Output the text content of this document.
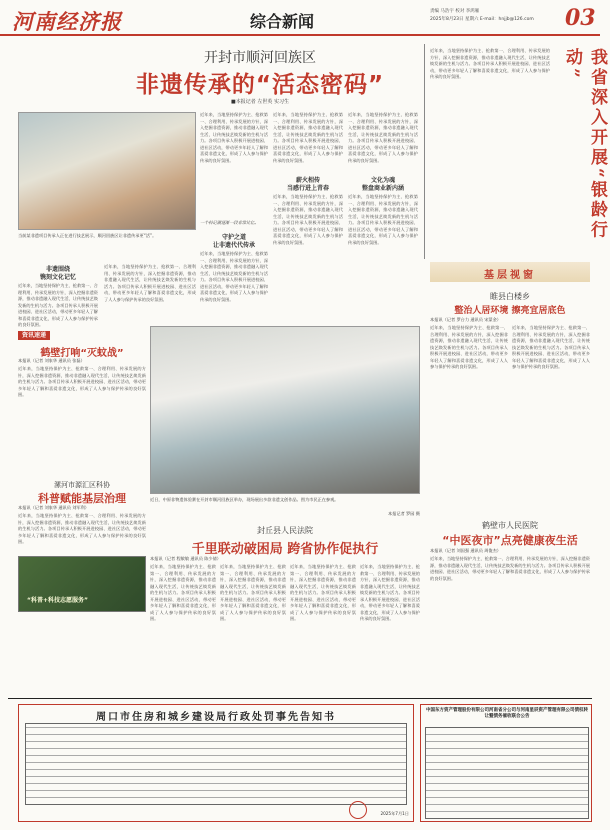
河南经济报	综合新闻
责编 马浩宇 校对 李鸿雁
2025年8月23日 星期六 E-mail：hnjjb@126.com	03
开封市顺河回族区
非遗传承的“活态密码”
■本报记者 左世英 实习生
当前某非遗项目传承人正在进行技艺展示，顺河回族区让非遗传承更“活”。
非遗围绕
镌刻文化记忆
近年来，当地坚持保护为主、抢救第一、合理利用、传承发展的方针，深入挖掘非遗资源，推动非遗融入现代生活，让传统技艺焕发新的生机与活力。各项目传承人积极开展进校园、进社区活动，带动更多年轻人了解和喜爱非遗文化，形成了人人参与保护传承的良好氛围。
近年来，当地坚持保护为主、抢救第一、合理利用、传承发展的方针，深入挖掘非遗资源，推动非遗融入现代生活，让传统技艺焕发新的生机与活力。各项目传承人积极开展进校园、进社区活动，带动更多年轻人了解和喜爱非遗文化，形成了人人参与保护传承的良好氛围。
近年来，当地坚持保护为主、抢救第一、合理利用、传承发展的方针，深入挖掘非遗资源，推动非遗融入现代生活，让传统技艺焕发新的生机与活力。各项目传承人积极开展进校园、进社区活动，带动更多年轻人了解和喜爱非遗文化，形成了人人参与保护传承的良好氛围。
一个料记潮逐渐一段非常比亿。
守护之道
让非遗代代传承
近年来，当地坚持保护为主、抢救第一、合理利用、传承发展的方针，深入挖掘非遗资源，推动非遗融入现代生活，让传统技艺焕发新的生机与活力。各项目传承人积极开展进校园、进社区活动，带动更多年轻人了解和喜爱非遗文化，形成了人人参与保护传承的良好氛围。
近年来，当地坚持保护为主、抢救第一、合理利用、传承发展的方针，深入挖掘非遗资源，推动非遗融入现代生活，让传统技艺焕发新的生机与活力。各项目传承人积极开展进校园、进社区活动，带动更多年轻人了解和喜爱非遗文化，形成了人人参与保护传承的良好氛围。
薪火相传
当感行进上青春
近年来，当地坚持保护为主、抢救第一、合理利用、传承发展的方针，深入挖掘非遗资源，推动非遗融入现代生活，让传统技艺焕发新的生机与活力。各项目传承人积极开展进校园、进社区活动，带动更多年轻人了解和喜爱非遗文化，形成了人人参与保护传承的良好氛围。
近年来，当地坚持保护为主、抢救第一、合理利用、传承发展的方针，深入挖掘非遗资源，推动非遗融入现代生活，让传统技艺焕发新的生机与活力。各项目传承人积极开展进校园、进社区活动，带动更多年轻人了解和喜爱非遗文化，形成了人人参与保护传承的良好氛围。
文化为魂
整盘商业新内涵
近年来，当地坚持保护为主、抢救第一、合理利用、传承发展的方针，深入挖掘非遗资源，推动非遗融入现代生活，让传统技艺焕发新的生机与活力。各项目传承人积极开展进校园、进社区活动，带动更多年轻人了解和喜爱非遗文化，形成了人人参与保护传承的良好氛围。
近日，中原非物遗体验赛在开封市顺河回族区举办，现场展出多款非遗文创作品。图为市民正在参观。
本报记者 罗园 摄
近年来，当地坚持保护为主、抢救第一、合理利用、传承发展的方针，深入挖掘非遗资源，推动非遗融入现代生活，让传统技艺焕发新的生机与活力。各项目传承人积极开展进校园、进社区活动，带动更多年轻人了解和喜爱非遗文化，形成了人人参与保护传承的良好氛围。	我省深入开展“银龄行动”
基层视窗
睢县白楼乡
整治人居环境 擦亮宜居底色
本报讯（记者 罗台力 通讯员 宋蒙金）
近年来，当地坚持保护为主、抢救第一、合理利用、传承发展的方针，深入挖掘非遗资源，推动非遗融入现代生活，让传统技艺焕发新的生机与活力。各项目传承人积极开展进校园、进社区活动，带动更多年轻人了解和喜爱非遗文化，形成了人人参与保护传承的良好氛围。
近年来，当地坚持保护为主、抢救第一、合理利用、传承发展的方针，深入挖掘非遗资源，推动非遗融入现代生活，让传统技艺焕发新的生机与活力。各项目传承人积极开展进校园、进社区活动，带动更多年轻人了解和喜爱非遗文化，形成了人人参与保护传承的良好氛围。
资讯速递
鹤壁打响“灭蚊战”
本报讯（记者 刘家华 通讯员 张磊）
近年来，当地坚持保护为主、抢救第一、合理利用、传承发展的方针，深入挖掘非遗资源，推动非遗融入现代生活，让传统技艺焕发新的生机与活力。各项目传承人积极开展进校园、进社区活动，带动更多年轻人了解和喜爱非遗文化，形成了人人参与保护传承的良好氛围。
漯河市源汇区科协
科普赋能基层治理
本报讯（记者 刘家华 通讯员 刘军利）
近年来，当地坚持保护为主、抢救第一、合理利用、传承发展的方针，深入挖掘非遗资源，推动非遗融入现代生活，让传统技艺焕发新的生机与活力。各项目传承人积极开展进校园、进社区活动，带动更多年轻人了解和喜爱非遗文化，形成了人人参与保护传承的良好氛围。
“科普+科技志愿服务”
封丘县人民法院
千里联动破困局 跨省协作促执行
本报讯（记者 程敏敏 通讯员 陈少倩）
近年来，当地坚持保护为主、抢救第一、合理利用、传承发展的方针，深入挖掘非遗资源，推动非遗融入现代生活，让传统技艺焕发新的生机与活力。各项目传承人积极开展进校园、进社区活动，带动更多年轻人了解和喜爱非遗文化，形成了人人参与保护传承的良好氛围。
近年来，当地坚持保护为主、抢救第一、合理利用、传承发展的方针，深入挖掘非遗资源，推动非遗融入现代生活，让传统技艺焕发新的生机与活力。各项目传承人积极开展进校园、进社区活动，带动更多年轻人了解和喜爱非遗文化，形成了人人参与保护传承的良好氛围。
近年来，当地坚持保护为主、抢救第一、合理利用、传承发展的方针，深入挖掘非遗资源，推动非遗融入现代生活，让传统技艺焕发新的生机与活力。各项目传承人积极开展进校园、进社区活动，带动更多年轻人了解和喜爱非遗文化，形成了人人参与保护传承的良好氛围。
近年来，当地坚持保护为主、抢救第一、合理利用、传承发展的方针，深入挖掘非遗资源，推动非遗融入现代生活，让传统技艺焕发新的生机与活力。各项目传承人积极开展进校园、进社区活动，带动更多年轻人了解和喜爱非遗文化，形成了人人参与保护传承的良好氛围。
鹤壁市人民医院
“中医夜市”点亮健康夜生活
本报讯（记者 刘国强 通讯员 周俊杰）
近年来，当地坚持保护为主、抢救第一、合理利用、传承发展的方针，深入挖掘非遗资源，推动非遗融入现代生活，让传统技艺焕发新的生机与活力。各项目传承人积极开展进校园、进社区活动，带动更多年轻人了解和喜爱非遗文化，形成了人人参与保护传承的良好氛围。
周口市住房和城乡建设局行政处罚事先告知书
2025年7月1日
中国东方资产管理股份有限公司河南省分公司与河南星辰资产管理有限公司债权转让暨债务催收联合公告
